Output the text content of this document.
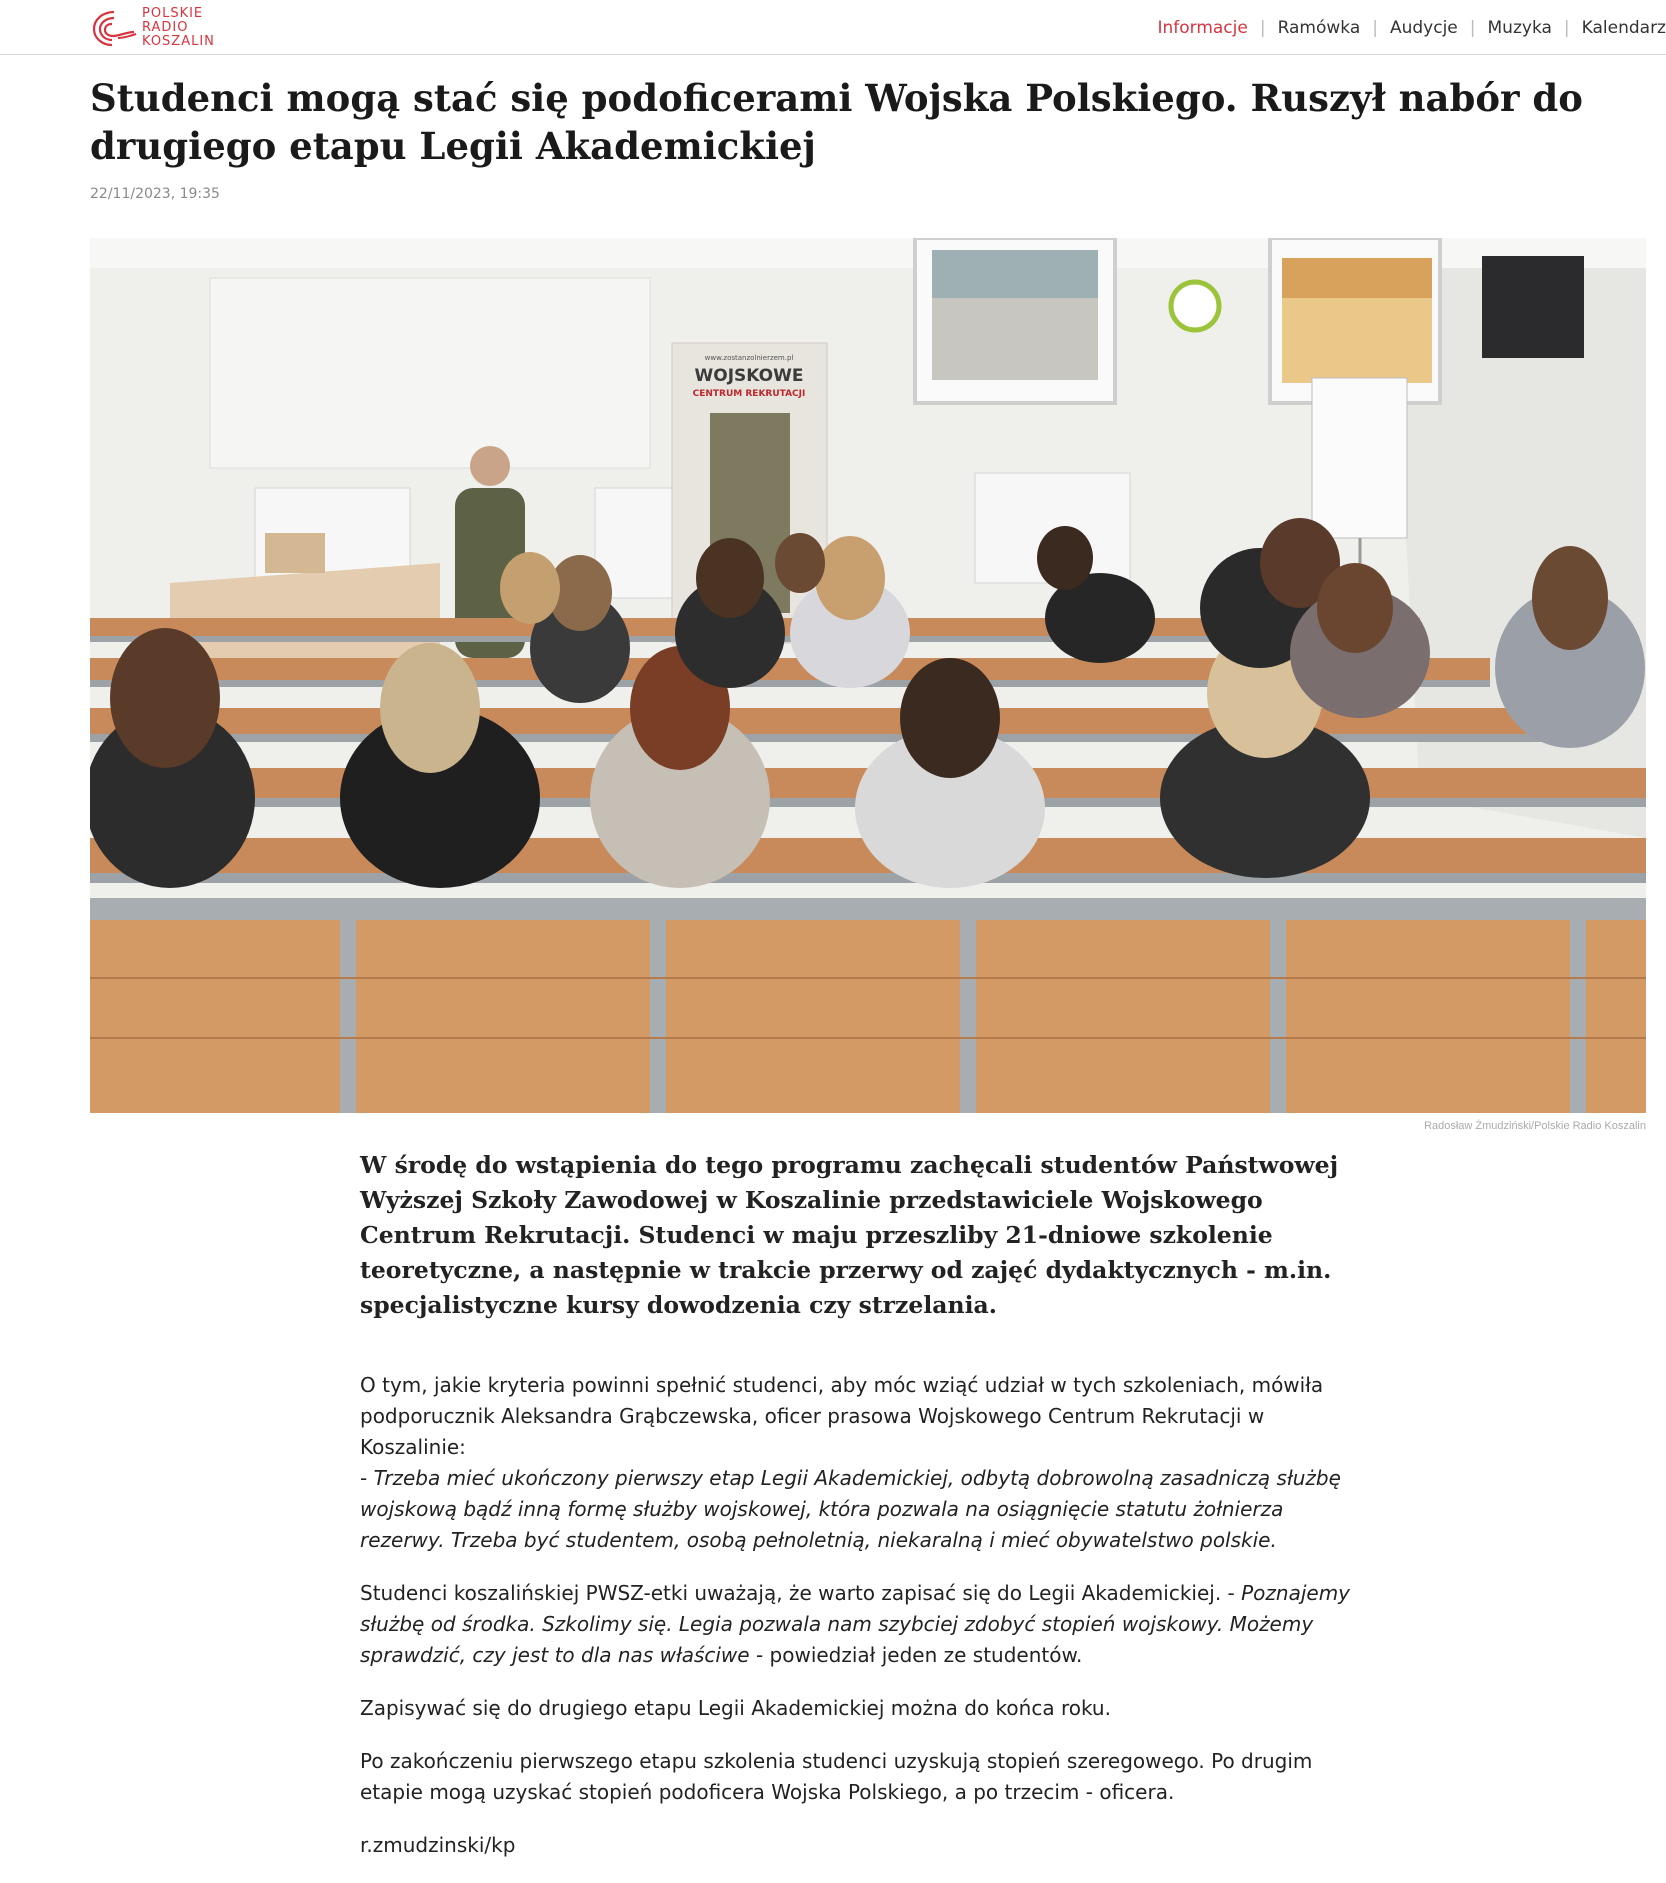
POLSKIE
RADIO
KOSZALIN
Informacje | Ramówka | Audycje | Muzyka | Kalendarz
Studenci mogą stać się podoficerami Wojska Polskiego. Ruszył nabór do drugiego etapu Legii Akademickiej
22/11/2023, 19:35
www.zostanzolnierzem.pl
WOJSKOWE
CENTRUM REKRUTACJI
Radosław Żmudziński/Polskie Radio Koszalin

W środę do wstąpienia do tego programu zachęcali studentów Państwowej Wyższej Szkoły Zawodowej w Koszalinie przedstawiciele Wojskowego Centrum Rekrutacji. Studenci w maju przeszliby 21-dniowe szkolenie teoretyczne, a następnie w trakcie przerwy od zajęć dydaktycznych - m.in. specjalistyczne kursy dowodzenia czy strzelania.

O tym, jakie kryteria powinni spełnić studenci, aby móc wziąć udział w tych szkoleniach, mówiła podporucznik Aleksandra Grąbczewska, oficer prasowa Wojskowego Centrum Rekrutacji w Koszalinie:
- Trzeba mieć ukończony pierwszy etap Legii Akademickiej, odbytą dobrowolną zasadniczą służbę wojskową bądź inną formę służby wojskowej, która pozwala na osiągnięcie statutu żołnierza rezerwy. Trzeba być studentem, osobą pełnoletnią, niekaralną i mieć obywatelstwo polskie.

Studenci koszalińskiej PWSZ-etki uważają, że warto zapisać się do Legii Akademickiej. - Poznajemy służbę od środka. Szkolimy się. Legia pozwala nam szybciej zdobyć stopień wojskowy. Możemy sprawdzić, czy jest to dla nas właściwe - powiedział jeden ze studentów.

Zapisywać się do drugiego etapu Legii Akademickiej można do końca roku.

Po zakończeniu pierwszego etapu szkolenia studenci uzyskują stopień szeregowego. Po drugim etapie mogą uzyskać stopień podoficera Wojska Polskiego, a po trzecim - oficera.

r.zmudzinski/kp
